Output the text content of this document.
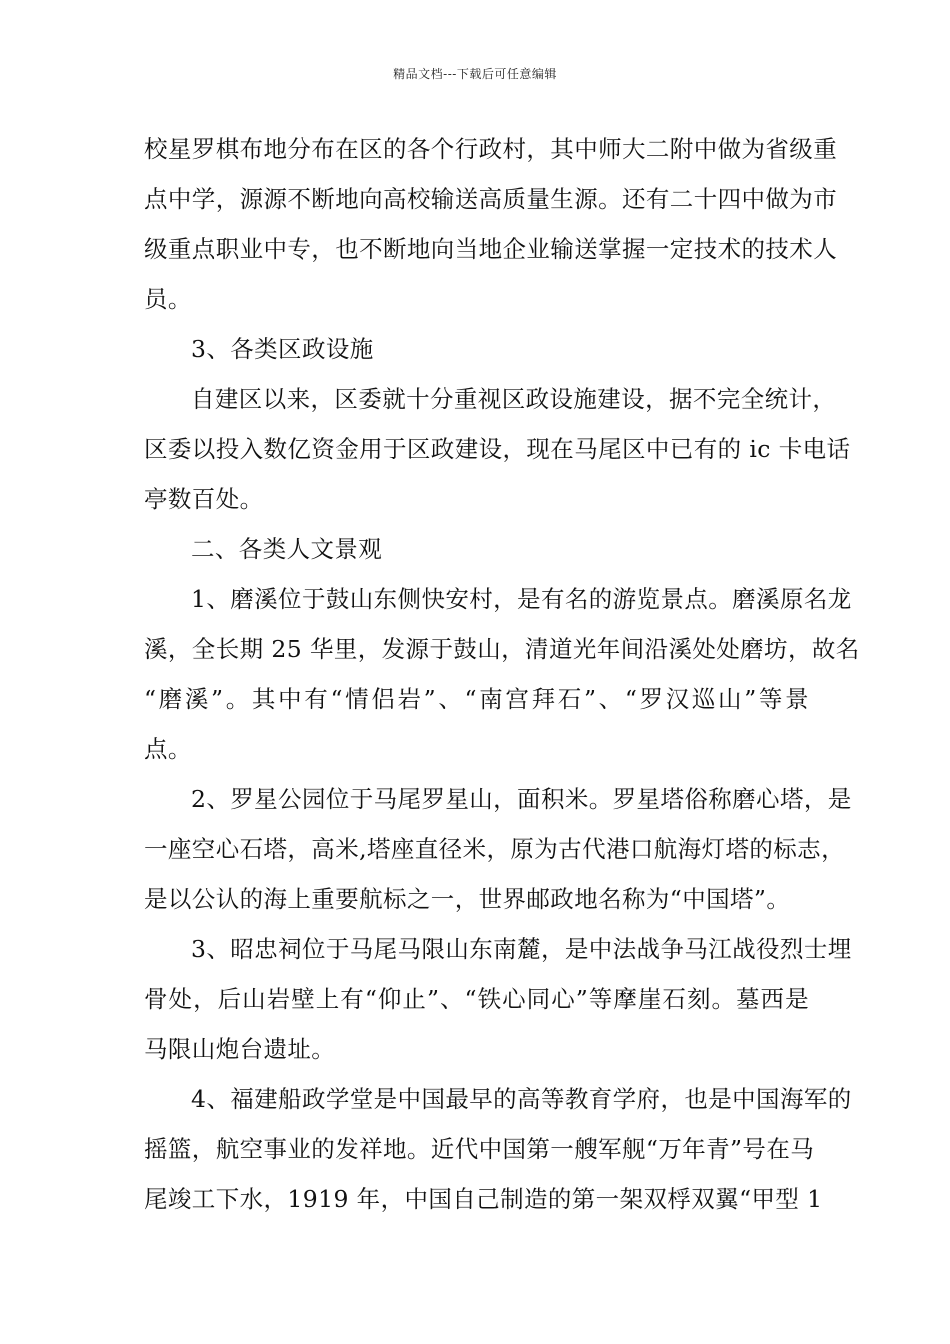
精品文档---下载后可任意编辑
校星罗棋布地分布在区的各个行政村，其中师大二附中做为省级重
点中学，源源不断地向高校输送高质量生源。还有二十四中做为市
级重点职业中专，也不断地向当地企业输送掌握一定技术的技术人
员。
3、各类区政设施
自建区以来，区委就十分重视区政设施建设，据不完全统计，
区委以投入数亿资金用于区政建设，现在马尾区中已有的 ic 卡电话
亭数百处。
二、各类人文景观
1、磨溪位于鼓山东侧快安村，是有名的游览景点。磨溪原名龙
溪，全长期 25 华里，发源于鼓山，清道光年间沿溪处处磨坊，故名
“磨溪”。其中有“情侣岩”、“南宫拜石”、“罗汉巡山”等景
点。
2、罗星公园位于马尾罗星山，面积米。罗星塔俗称磨心塔，是
一座空心石塔，高米,塔座直径米，原为古代港口航海灯塔的标志，
是以公认的海上重要航标之一，世界邮政地名称为“中国塔”。
3、昭忠祠位于马尾马限山东南麓，是中法战争马江战役烈士埋
骨处，后山岩壁上有“仰止”、“铁心同心”等摩崖石刻。墓西是
马限山炮台遗址。
4、福建船政学堂是中国最早的高等教育学府，也是中国海军的
摇篮，航空事业的发祥地。近代中国第一艘军舰“万年青”号在马
尾竣工下水，1919 年，中国自己制造的第一架双桴双翼“甲型 1
